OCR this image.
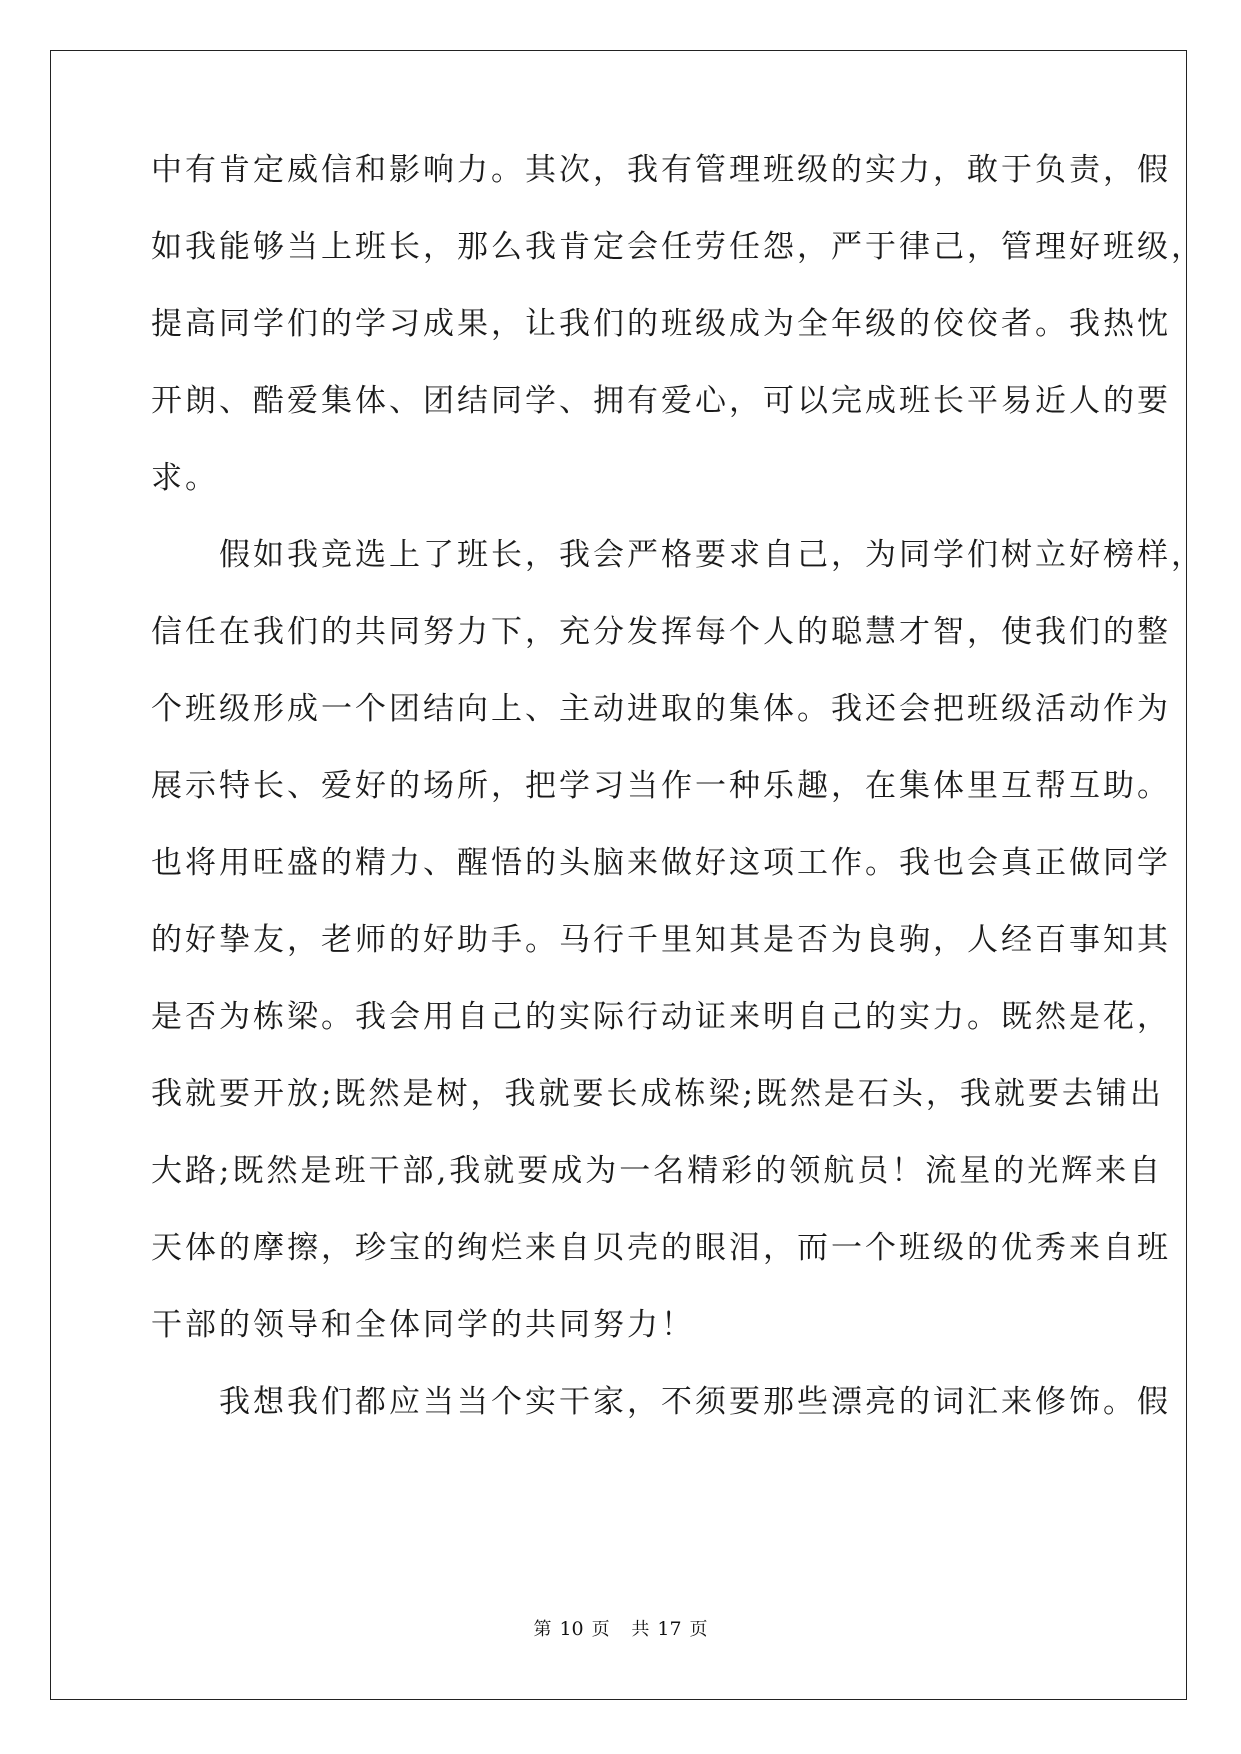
中有肯定威信和影响力。其次，我有管理班级的实力，敢于负责，假
如我能够当上班长，那么我肯定会任劳任怨，严于律己，管理好班级，
提高同学们的学习成果，让我们的班级成为全年级的佼佼者。我热忱
开朗、酷爱集体、团结同学、拥有爱心，可以完成班长平易近人的要
求。
　　假如我竞选上了班长，我会严格要求自己，为同学们树立好榜样，
信任在我们的共同努力下，充分发挥每个人的聪慧才智，使我们的整
个班级形成一个团结向上、主动进取的集体。我还会把班级活动作为
展示特长、爱好的场所，把学习当作一种乐趣，在集体里互帮互助。
也将用旺盛的精力、醒悟的头脑来做好这项工作。我也会真正做同学
的好挚友，老师的好助手。马行千里知其是否为良驹，人经百事知其
是否为栋梁。我会用自己的实际行动证来明自己的实力。既然是花，
我就要开放;既然是树，我就要长成栋梁;既然是石头，我就要去铺出
大路;既然是班干部,我就要成为一名精彩的领航员！流星的光辉来自
天体的摩擦，珍宝的绚烂来自贝壳的眼泪，而一个班级的优秀来自班
干部的领导和全体同学的共同努力！
　　我想我们都应当当个实干家，不须要那些漂亮的词汇来修饰。假
第 10 页 共 17 页
